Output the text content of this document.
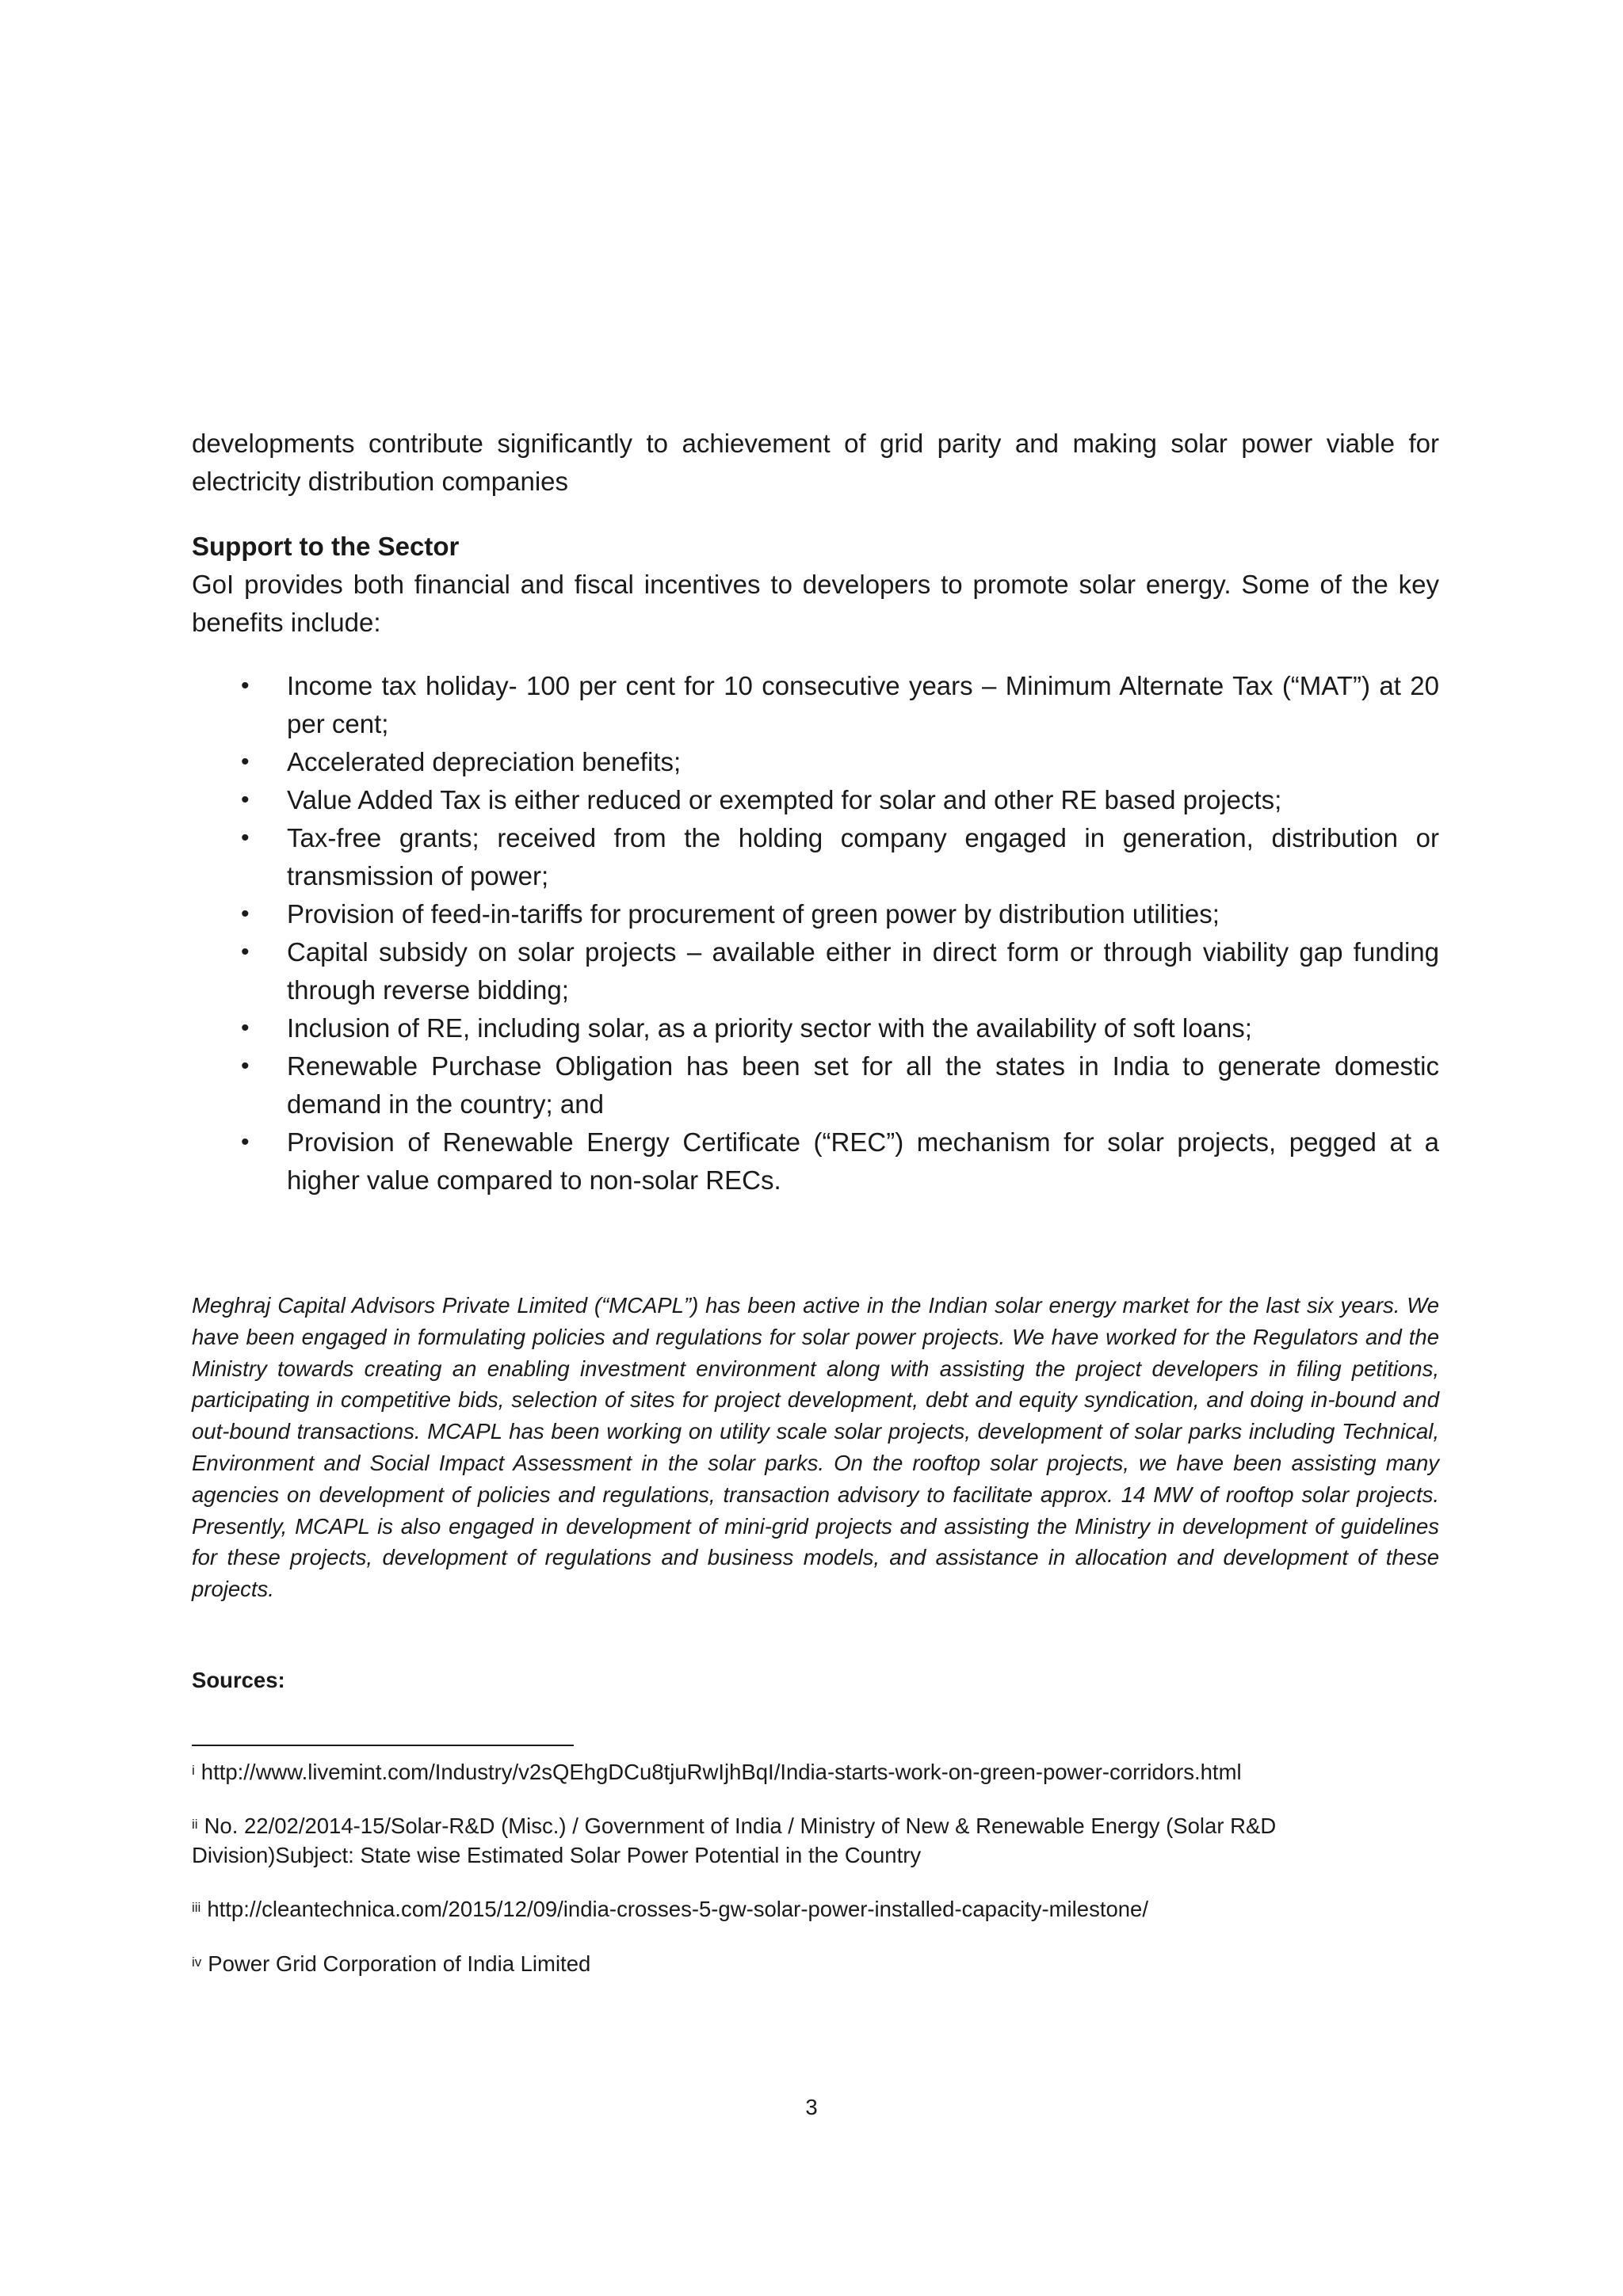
developments contribute significantly to achievement of grid parity and making solar power viable for electricity distribution companies
Support to the Sector
GoI provides both financial and fiscal incentives to developers to promote solar energy. Some of the key benefits include:
• Income tax holiday- 100 per cent for 10 consecutive years – Minimum Alternate Tax (“MAT”) at 20 per cent;
• Accelerated depreciation benefits;
• Value Added Tax is either reduced or exempted for solar and other RE based projects;
• Tax-free grants; received from the holding company engaged in generation, distribution or transmission of power;
• Provision of feed-in-tariffs for procurement of green power by distribution utilities;
• Capital subsidy on solar projects – available either in direct form or through viability gap funding through reverse bidding;
• Inclusion of RE, including solar, as a priority sector with the availability of soft loans;
• Renewable Purchase Obligation has been set for all the states in India to generate domestic demand in the country; and
• Provision of Renewable Energy Certificate (“REC”) mechanism for solar projects, pegged at a higher value compared to non-solar RECs.
Meghraj Capital Advisors Private Limited (“MCAPL”) has been active in the Indian solar energy market for the last six years. We have been engaged in formulating policies and regulations for solar power projects. We have worked for the Regulators and the Ministry towards creating an enabling investment environment along with assisting the project developers in filing petitions, participating in competitive bids, selection of sites for project development, debt and equity syndication, and doing in-bound and out-bound transactions. MCAPL has been working on utility scale solar projects, development of solar parks including Technical, Environment and Social Impact Assessment in the solar parks. On the rooftop solar projects, we have been assisting many agencies on development of policies and regulations, transaction advisory to facilitate approx. 14 MW of rooftop solar projects. Presently, MCAPL is also engaged in development of mini-grid projects and assisting the Ministry in development of guidelines for these projects, development of regulations and business models, and assistance in allocation and development of these projects.
Sources:
$^i$ http://www.livemint.com/Industry/v2sQEhgDCu8tjuRwIjhBqI/India-starts-work-on-green-power-corridors.html
$^{ii}$ No. 22/02/2014-15/Solar-R&D (Misc.) / Government of India / Ministry of New & Renewable Energy (Solar R&D Division)Subject: State wise Estimated Solar Power Potential in the Country
$^{iii}$ http://cleantechnica.com/2015/12/09/india-crosses-5-gw-solar-power-installed-capacity-milestone/
$^{iv}$ Power Grid Corporation of India Limited
3
